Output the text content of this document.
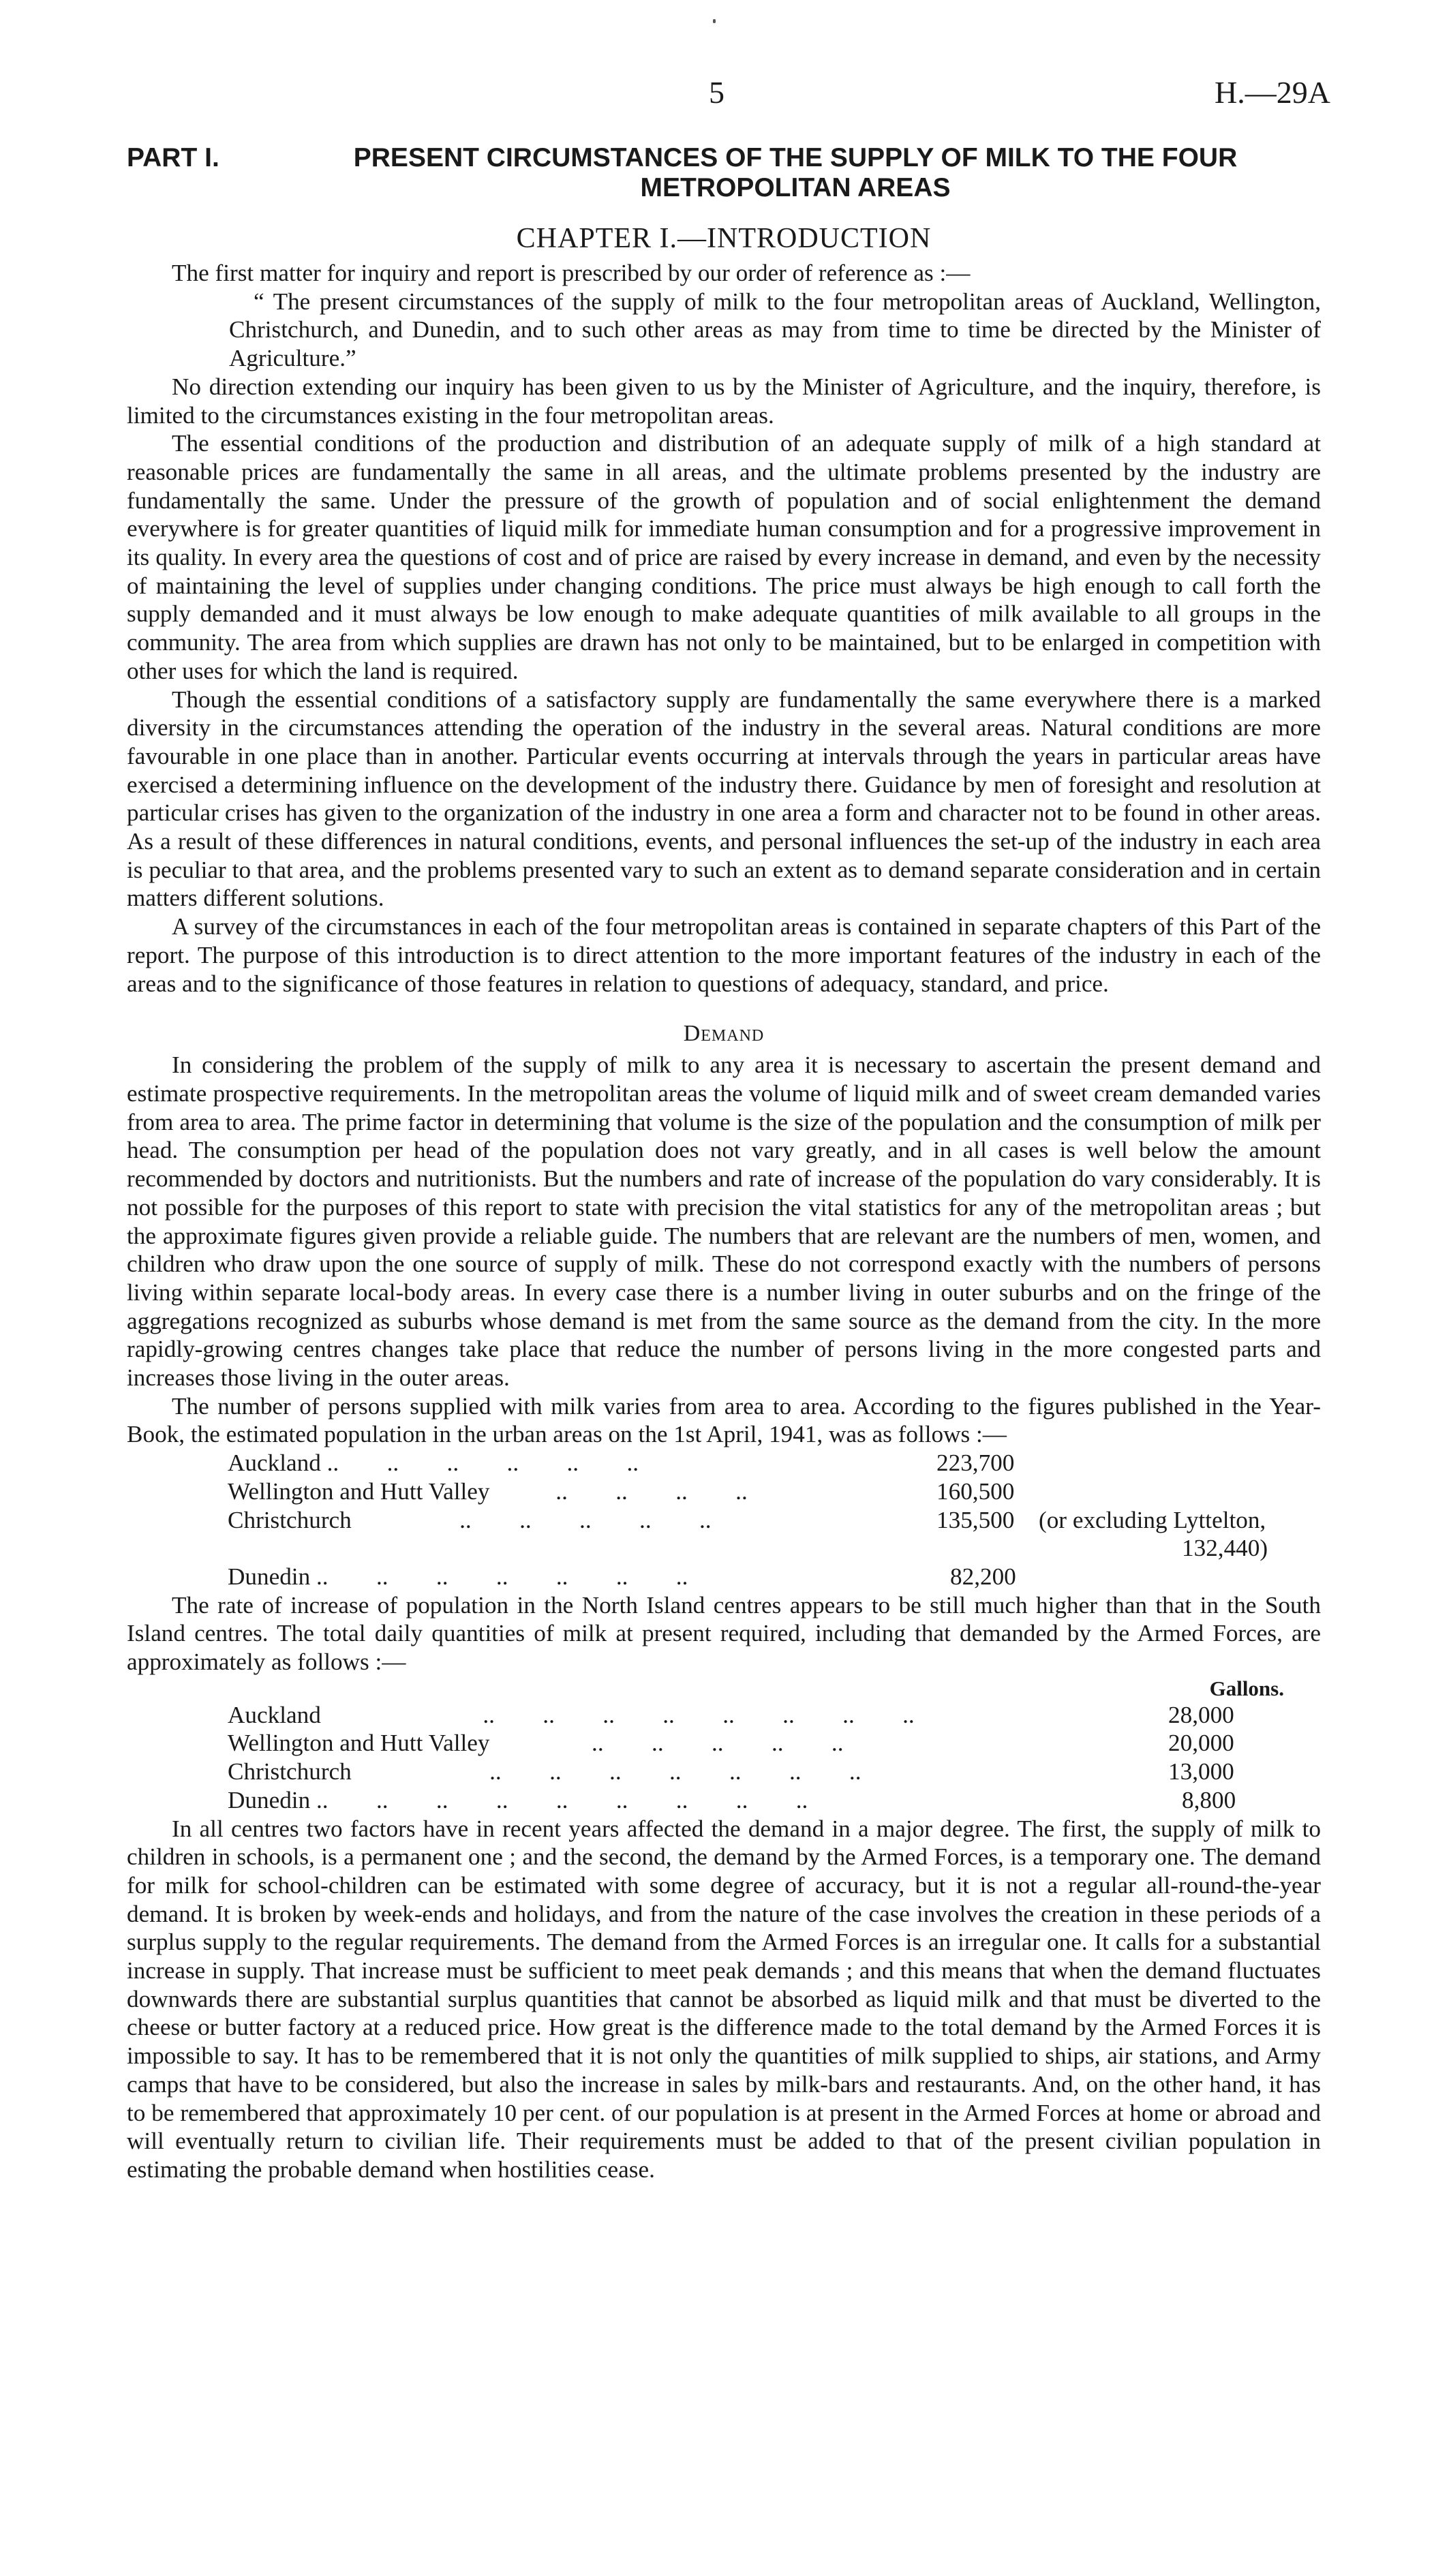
5	H.—29A
PART I.	PRESENT CIRCUMSTANCES OF THE SUPPLY OF MILK TO THE FOUR
METROPOLITAN AREAS
CHAPTER I.—INTRODUCTION

The first matter for inquiry and report is prescribed by our order of reference as :—

“ The present circumstances of the supply of milk to the four metropolitan areas of Auckland, Wellington, Christchurch, and Dunedin, and to such other areas as may from time to time be directed by the Minister of Agriculture.”

No direction extending our inquiry has been given to us by the Minister of Agriculture, and the inquiry, therefore, is limited to the circumstances existing in the four metropolitan areas.

The essential conditions of the production and distribution of an adequate supply of milk of a high standard at reasonable prices are fundamentally the same in all areas, and the ultimate problems presented by the industry are fundamentally the same. Under the pressure of the growth of population and of social enlightenment the demand everywhere is for greater quantities of liquid milk for immediate human consumption and for a progressive improvement in its quality. In every area the questions of cost and of price are raised by every increase in demand, and even by the necessity of maintaining the level of supplies under changing conditions. The price must always be high enough to call forth the supply demanded and it must always be low enough to make adequate quantities of milk available to all groups in the community. The area from which supplies are drawn has not only to be maintained, but to be enlarged in competition with other uses for which the land is required.

Though the essential conditions of a satisfactory supply are fundamentally the same everywhere there is a marked diversity in the circumstances attending the operation of the industry in the several areas. Natural conditions are more favourable in one place than in another. Particular events occurring at intervals through the years in particular areas have exercised a determining influence on the development of the industry there. Guidance by men of foresight and resolution at particular crises has given to the organization of the industry in one area a form and character not to be found in other areas. As a result of these differences in natural conditions, events, and personal influences the set-up of the industry in each area is peculiar to that area, and the problems presented vary to such an extent as to demand separate consideration and in certain matters different solutions.

A survey of the circumstances in each of the four metropolitan areas is contained in separate chapters of this Part of the report. The purpose of this introduction is to direct attention to the more important features of the industry in each of the areas and to the significance of those features in relation to questions of adequacy, standard, and price.

Demand

In considering the problem of the supply of milk to any area it is necessary to ascertain the present demand and estimate prospective requirements. In the metropolitan areas the volume of liquid milk and of sweet cream demanded varies from area to area. The prime factor in determining that volume is the size of the population and the consumption of milk per head. The consumption per head of the population does not vary greatly, and in all cases is well below the amount recommended by doctors and nutritionists. But the numbers and rate of increase of the population do vary considerably. It is not possible for the purposes of this report to state with precision the vital statistics for any of the metropolitan areas ; but the approximate figures given provide a reliable guide. The numbers that are relevant are the numbers of men, women, and children who draw upon the one source of supply of milk. These do not correspond exactly with the numbers of persons living within separate local-body areas. In every case there is a number living in outer suburbs and on the fringe of the aggregations recognized as suburbs whose demand is met from the same source as the demand from the city. In the more rapidly-growing centres changes take place that reduce the number of persons living in the more congested parts and increases those living in the outer areas.

The number of persons supplied with milk varies from area to area. According to the figures published in the Year-Book, the estimated population in the urban areas on the 1st April, 1941, was as follows :—

Auckland ..        ..        ..        ..        ..        ..	223,700
Wellington and Hutt Valley           ..        ..        ..        ..	160,500
Christchurch                  ..        ..        ..        ..        ..	135,500	(or excluding Lyttelton,
132,440)
Dunedin ..        ..        ..        ..        ..        ..        ..	82,200

The rate of increase of population in the North Island centres appears to be still much higher than that in the South Island centres. The total daily quantities of milk at present required, including that demanded by the Armed Forces, are approximately as follows :—

Gallons.
Auckland                           ..        ..        ..        ..        ..        ..        ..        ..	28,000
Wellington and Hutt Valley                 ..        ..        ..        ..        ..	20,000
Christchurch                       ..        ..        ..        ..        ..        ..        ..	13,000
Dunedin ..        ..        ..        ..        ..        ..        ..        ..        ..	8,800

In all centres two factors have in recent years affected the demand in a major degree. The first, the supply of milk to children in schools, is a permanent one ; and the second, the demand by the Armed Forces, is a temporary one. The demand for milk for school-children can be estimated with some degree of accuracy, but it is not a regular all-round-the-year demand. It is broken by week-ends and holidays, and from the nature of the case involves the creation in these periods of a surplus supply to the regular requirements. The demand from the Armed Forces is an irregular one. It calls for a substantial increase in supply. That increase must be sufficient to meet peak demands ; and this means that when the demand fluctuates downwards there are substantial surplus quantities that cannot be absorbed as liquid milk and that must be diverted to the cheese or butter factory at a reduced price. How great is the difference made to the total demand by the Armed Forces it is impossible to say. It has to be remembered that it is not only the quantities of milk supplied to ships, air stations, and Army camps that have to be considered, but also the increase in sales by milk-bars and restaurants. And, on the other hand, it has to be remembered that approximately 10 per cent. of our population is at present in the Armed Forces at home or abroad and will eventually return to civilian life. Their requirements must be added to that of the present civilian population in estimating the probable demand when hostilities cease.
